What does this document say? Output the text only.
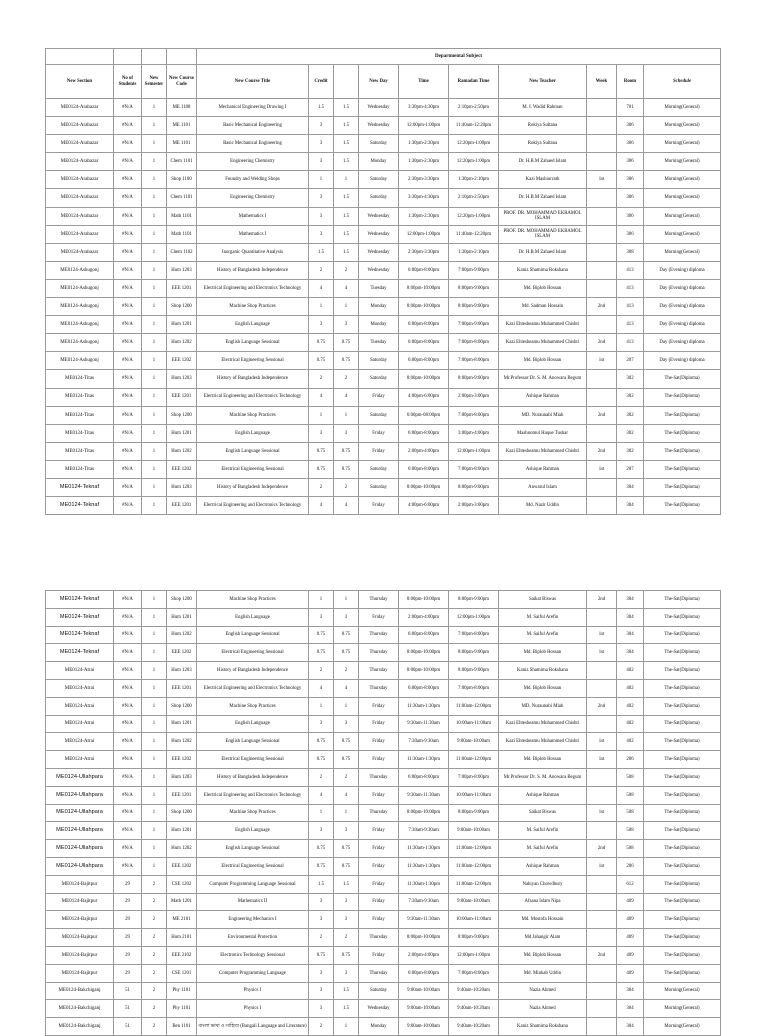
				Departmental Subject									
New Section	No of Students	New Semester	New Course Code	New Course Title	Credit		New Day	Time	Ramadan Time	New Teacher	Week	Room	Schedule
ME0124-Arabazar	#N/A	1	ME 1108	Mechanical Engineering Drawing I	1.5	1.5	Wednesday	3:30pm-4:30pm	2:10pm-2:50pm	M. I. Wadid Rahman		701	Morning(General)
ME0124-Arabazar	#N/A	1	ME 1101	Basic Mechanical Engineering	3	1.5	Wednesday	12:00pm-1:00pm	11:40am-12:20pm	Rokiya Sultana		306	Morning(General)
ME0124-Arabazar	#N/A	1	ME 1101	Basic Mechanical Engineering	3	1.5	Saturday	1:30pm-2:30pm	12:20pm-1:00pm	Rokiya Sultana		306	Morning(General)
ME0124-Arabazar	#N/A	1	Chem 1101	Engineering Chemistry	3	1.5	Monday	1:30pm-2:30pm	12:20pm-1:00pm	Dr. H.B.M Zahaed Islam		306	Morning(General)
ME0124-Arabazar	#N/A	1	Shop 1100	Foundry and Welding Shops	1	1	Saturday	2:30pm-3:30pm	1:30pm-2:10pm	Kazi Mashiurrath	1st	306	Morning(General)
ME0124-Arabazar	#N/A	1	Chem 1101	Engineering Chemistry	3	1.5	Saturday	3:30pm-4:30pm	2:10pm-2:50pm	Dr. H.B.M Zahaed Islam		306	Morning(General)
ME0124-Arabazar	#N/A	1	Math 1101	Mathematics I	3	1.5	Wednesday	1:30pm-2:30pm	12:20pm-1:00pm	PROF. DR. MOHAMMAD EKRAMOL ISLAM		306	Morning(General)
ME0124-Arabazar	#N/A	1	Math 1101	Mathematics I	3	1.5	Wednesday	12:00pm-1:00pm	11:40am-12:20pm	PROF. DR. MOHAMMAD EKRAMOL ISLAM		306	Morning(General)
ME0124-Arabazar	#N/A	1	Chem 1102	Inorganic Quantitative Analysis	1.5	1.5	Wednesday	2:30pm-3:30pm	1:30pm-2:10pm	Dr. H.B.M Zahaed Islam		308	Morning(General)
ME0124-Ashugonj	#N/A	1	Hum 1203	History of Bangladesh Independence	2	2	Wednesday	6:00pm-8:00pm	7:00pm-9:00pm	Kaniz Shamima Rokshana		413	Day (Evening) diploma
ME0124-Ashugonj	#N/A	1	EEE 1201	Electrical Engineering and Electronics Technology	4	4	Tuesday	8:00pm-10:00pm	8:00pm-9:00pm	Md. Biplob Hossan		413	Day (Evening) diploma
ME0124-Ashugonj	#N/A	1	Shop 1200	Machine Shop Practices	1	1	Monday	8:00pm-10:00pm	8:00pm-9:00pm	Md. Sadman Hossain	2nd	413	Day (Evening) diploma
ME0124-Ashugonj	#N/A	1	Hum 1201	English Language	3	3	Monday	6:00pm-8:00pm	7:00pm-9:00pm	Kazi Ehtesheamu Muhammed Chishti		413	Day (Evening) diploma
ME0124-Ashugonj	#N/A	1	Hum 1202	English Language Sessional	0.75	0.75	Tuesday	6:00pm-8:00pm	7:00pm-8:00pm	Kazi Ehtesheamu Muhammed Chishti	2nd	413	Day (Evening) diploma
ME0124-Ashugonj	#N/A	1	EEE 1202	Electrical Engineering Sessional	0.75	0.75	Saturday	6:00pm-8:00pm	7:00pm-8:00pm	Md. Biplob Hossan	1st	207	Day (Evening) diploma
ME0124-Titas	#N/A	1	Hum 1203	History of Bangladesh Independence	2	2	Saturday	8:00pm-10:00pm	8:00pm-9:00pm	Mr.Professor Dr. S. M. Anowara Begum		302	The-Sat(Diploma)
ME0124-Titas	#N/A	1	EEE 1201	Electrical Engineering and Electronics Technology	4	4	Friday	4:00pm-6:00pm	2:00pm-3:00pm	Ashique Rahman		302	The-Sat(Diploma)
ME0124-Titas	#N/A	1	Shop 1200	Machine Shop Practices	1	1	Saturday	6:00pm-08:00pm	7:00pm-8:00pm	MD. Nuraunabi Miah	2nd	302	The-Sat(Diploma)
ME0124-Titas	#N/A	1	Hum 1201	English Language	3	3	Friday	6:00pm-8:00pm	3:00pm-4:00pm	Mashnomul Haque Tushar		302	The-Sat(Diploma)
ME0124-Titas	#N/A	1	Hum 1202	English Language Sessional	0.75	0.75	Friday	2:00pm-4:00pm	12:00pm-1:00pm	Kazi Ehtesheamu Muhammed Chishti	2nd	302	The-Sat(Diploma)
ME0124-Titas	#N/A	1	EEE 1202	Electrical Engineering Sessional	0.75	0.75	Saturday	6:00pm-8:00pm	7:00pm-8:00pm	Ashique Rahman	1st	207	The-Sat(Diploma)
ME0124-Teknaf	#N/A	1	Hum 1203	History of Bangladesh Independence	2	2	Saturday	8:00pm-10:00pm	8:00pm-9:00pm	Anwarul Islam		304	The-Sat(Diploma)
ME0124-Teknaf	#N/A	1	EEE 1201	Electrical Engineering and Electronics Technology	4	4	Friday	4:00pm-6:00pm	2:00pm-3:00pm	Md. Nazir Uddin		304	The-Sat(Diploma)
ME0124-Teknaf	#N/A	1	Shop 1200	Machine Shop Practices	1	1	Thursday	8:00pm-10:00pm	8:00pm-9:00pm	Saikat Biswas	2nd	304	The-Sat(Diploma)
ME0124-Teknaf	#N/A	1	Hum 1201	English Language	3	3	Friday	2:00pm-4:00pm	12:00pm-1:00pm	M. Saiful Arefin		304	The-Sat(Diploma)
ME0124-Teknaf	#N/A	1	Hum 1202	English Language Sessional	0.75	0.75	Thursday	6:00pm-8:00pm	7:00pm-8:00pm	M. Saiful Arefin	1st	304	The-Sat(Diploma)
ME0124-Teknaf	#N/A	1	EEE 1202	Electrical Engineering Sessional	0.75	0.75	Thursday	8:00pm-10:00pm	8:00pm-9:00pm	Md. Biplob Hossan	1st	304	The-Sat(Diploma)
ME0124-Atrai	#N/A	1	Hum 1203	History of Bangladesh Independence	2	2	Thursday	8:00pm-10:00pm	8:00pm-9:00pm	Kaniz Shamima Rokshana		402	The-Sat(Diploma)
ME0124-Atrai	#N/A	1	EEE 1201	Electrical Engineering and Electronics Technology	4	4	Thursday	6:00pm-8:00pm	7:00pm-8:00pm	Md. Biplob Hossan		402	The-Sat(Diploma)
ME0124-Atrai	#N/A	1	Shop 1200	Machine Shop Practices	1	1	Friday	11:30am-1:30pm	11:00am-12:00pm	MD. Nuraunabi Miah	2nd	402	The-Sat(Diploma)
ME0124-Atrai	#N/A	1	Hum 1201	English Language	3	3	Friday	9:30am-11:30am	10:00am-11:00am	Kazi Ehtesheamu Muhammed Chishti		402	The-Sat(Diploma)
ME0124-Atrai	#N/A	1	Hum 1202	English Language Sessional	0.75	0.75	Friday	7:30am-9:30am	9:00am-10:00am	Kazi Ehtesheamu Muhammed Chishti	1st	402	The-Sat(Diploma)
ME0124-Atrai	#N/A	1	EEE 1202	Electrical Engineering Sessional	0.75	0.75	Friday	11:30am-1:30pm	11:00am-12:00pm	Md. Biplob Hossan	1st	206	The-Sat(Diploma)
ME0124-Ullahpara	#N/A	1	Hum 1203	History of Bangladesh Independence	2	2	Thursday	6:00pm-8:00pm	7:00pm-8:00pm	Mr.Professor Dr. S. M. Anowara Begum		508	The-Sat(Diploma)
ME0124-Ullahpara	#N/A	1	EEE 1201	Electrical Engineering and Electronics Technology	4	4	Friday	9:30am-11:30am	10:00am-11:00am	Ashique Rahman		508	The-Sat(Diploma)
ME0124-Ullahpara	#N/A	1	Shop 1200	Machine Shop Practices	1	1	Thursday	8:00pm-10:00pm	8:00pm-9:00pm	Saikat Biswas	1st	508	The-Sat(Diploma)
ME0124-Ullahpara	#N/A	1	Hum 1201	English Language	3	3	Friday	7:30am-9:30am	9:00am-10:00am	M. Saiful Arefin		508	The-Sat(Diploma)
ME0124-Ullahpara	#N/A	1	Hum 1202	English Language Sessional	0.75	0.75	Friday	11:30am-1:30pm	11:00am-12:00pm	M. Saiful Arefin	2nd	508	The-Sat(Diploma)
ME0124-Ullahpara	#N/A	1	EEE 1202	Electrical Engineering Sessional	0.75	0.75	Friday	11:30am-1:30pm	11:00am-12:00pm	Ashique Rahman	1st	206	The-Sat(Diploma)
ME0124-Bajitpur	29	2	CSE 1202	Computer Programming Language Sessional	1.5	1.5	Friday	11:30am-1:30pm	11:00am-12:00pm	Nahiyan Chowdhury		612	The-Sat(Diploma)
ME0124-Bajitpur	29	2	Math 1201	Mathematics II	3	3	Friday	7:30am-9:30am	9:00am-10:00am	Afsana Islam Nipa		409	The-Sat(Diploma)
ME0124-Bajitpur	29	2	ME 2101	Engineering Mechanics I	3	3	Friday	9:30am-11:30am	10:00am-11:00am	Md. Mostofa Hossain		409	The-Sat(Diploma)
ME0124-Bajitpur	29	2	Hum 2101	Environmental Protection	2	2	Thursday	8:00pm-10:00pm	8:00pm-9:00pm	Md Jahangir Alam		409	The-Sat(Diploma)
ME0124-Bajitpur	29	2	EEE 2102	Electronics Technology Sessional	0.75	0.75	Friday	2:00pm-4:00pm	12:00pm-1:00pm	Md. Biplob Hossan	2nd	409	The-Sat(Diploma)
ME0124-Bajitpur	29	2	CSE 1201	Computer Programming Language	3	3	Thursday	6:00pm-8:00pm	7:00pm-8:00pm	Md. Minhab Uddin		409	The-Sat(Diploma)
ME0124-Bakchiganj	51	2	Phy 1101	Physics I	3	1.5	Saturday	9:00am-10:00am	9:40am-10:20am	Nazia Ahmed		304	Morning(General)
ME0124-Bakchiganj	51	2	Phy 1101	Physics I	3	1.5	Wednesday	9:00am-10:00am	9:40am-10:20am	Nazia Ahmed		304	Morning(General)
ME0124-Bakchiganj	51	2	Ben 1101	বাংলা ভাষা ও সাহিত্য (Bangali Language and Literature)	2	1	Monday	9:00am-10:00am	9:40am-10:20am	Kaniz Shamima Rokshana		304	Morning(General)
